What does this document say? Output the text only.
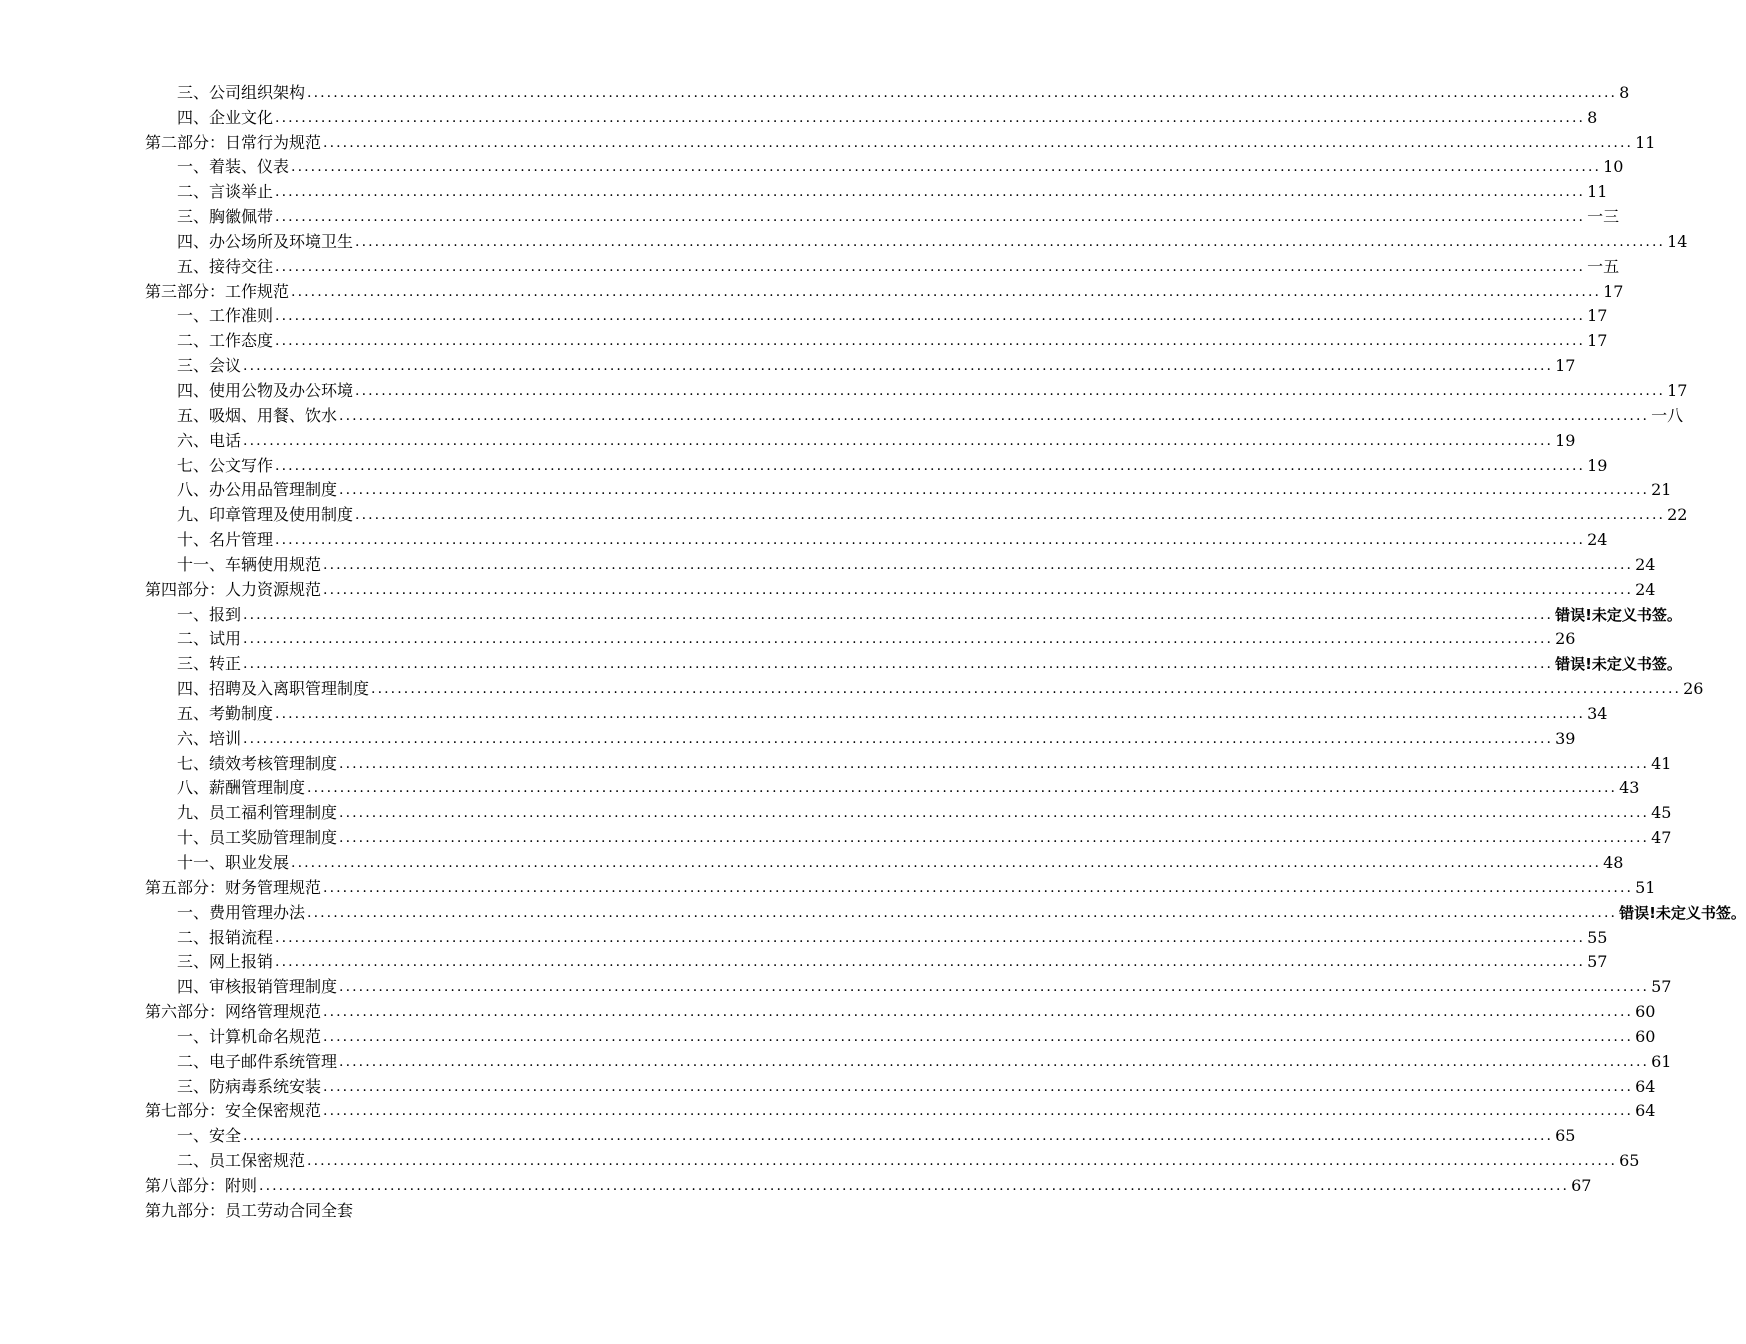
三、公司组织架构 ........................................................................................................................................................................................................ 8
四、企业文化 ........................................................................................................................................................................................................ 8
第二部分：日常行为规范 ........................................................................................................................................................................................................ 11
一、着装、仪表 ........................................................................................................................................................................................................ 10
二、言谈举止 ........................................................................................................................................................................................................ 11
三、胸徽佩带 ........................................................................................................................................................................................................ 一三
四、办公场所及环境卫生 ........................................................................................................................................................................................................ 14
五、接待交往 ........................................................................................................................................................................................................ 一五
第三部分：工作规范 ........................................................................................................................................................................................................ 17
一、工作准则 ........................................................................................................................................................................................................ 17
二、工作态度 ........................................................................................................................................................................................................ 17
三、会议 ........................................................................................................................................................................................................ 17
四、使用公物及办公环境 ........................................................................................................................................................................................................ 17
五、吸烟、用餐、饮水 ........................................................................................................................................................................................................ 一八
六、电话 ........................................................................................................................................................................................................ 19
七、公文写作 ........................................................................................................................................................................................................ 19
八、办公用品管理制度 ........................................................................................................................................................................................................ 21
九、印章管理及使用制度 ........................................................................................................................................................................................................ 22
十、名片管理 ........................................................................................................................................................................................................ 24
十一、车辆使用规范 ........................................................................................................................................................................................................ 24
第四部分：人力资源规范 ........................................................................................................................................................................................................ 24
一、报到 ........................................................................................................................................................................................................ 错误!未定义书签。
二、试用 ........................................................................................................................................................................................................ 26
三、转正 ........................................................................................................................................................................................................ 错误!未定义书签。
四、招聘及入离职管理制度 ........................................................................................................................................................................................................ 26
五、考勤制度 ........................................................................................................................................................................................................ 34
六、培训 ........................................................................................................................................................................................................ 39
七、绩效考核管理制度 ........................................................................................................................................................................................................ 41
八、薪酬管理制度 ........................................................................................................................................................................................................ 43
九、员工福利管理制度 ........................................................................................................................................................................................................ 45
十、员工奖励管理制度 ........................................................................................................................................................................................................ 47
十一、职业发展 ........................................................................................................................................................................................................ 48
第五部分：财务管理规范 ........................................................................................................................................................................................................ 51
一、费用管理办法 ........................................................................................................................................................................................................ 错误!未定义书签。
二、报销流程 ........................................................................................................................................................................................................ 55
三、网上报销 ........................................................................................................................................................................................................ 57
四、审核报销管理制度 ........................................................................................................................................................................................................ 57
第六部分：网络管理规范 ........................................................................................................................................................................................................ 60
一、计算机命名规范 ........................................................................................................................................................................................................ 60
二、电子邮件系统管理 ........................................................................................................................................................................................................ 61
三、防病毒系统安装 ........................................................................................................................................................................................................ 64
第七部分：安全保密规范 ........................................................................................................................................................................................................ 64
一、安全 ........................................................................................................................................................................................................ 65
二、员工保密规范 ........................................................................................................................................................................................................ 65
第八部分：附则 ........................................................................................................................................................................................................ 67
第九部分：员工劳动合同全套
